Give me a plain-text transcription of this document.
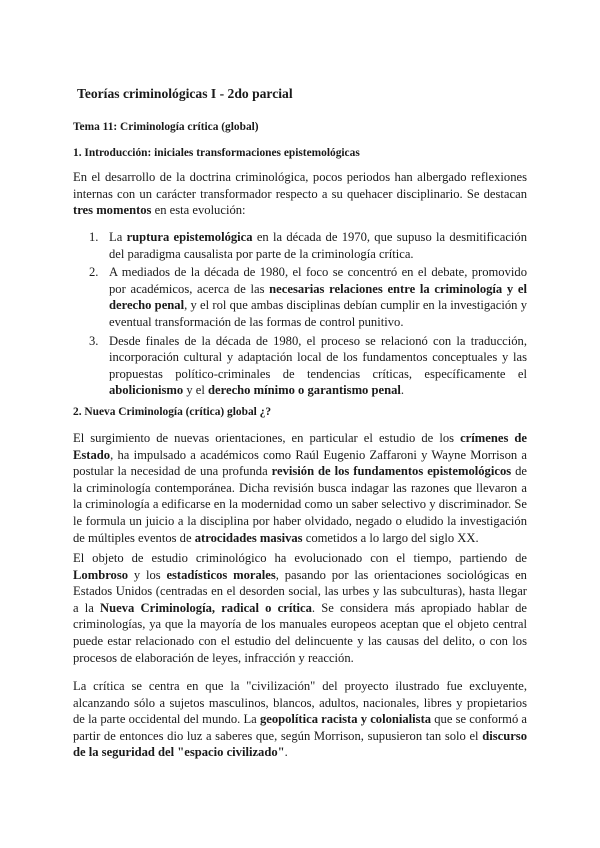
Teorías criminológicas I - 2do parcial
Tema 11: Criminología crítica (global)
1. Introducción: iniciales transformaciones epistemológicas

En el desarrollo de la doctrina criminológica, pocos periodos han albergado reflexiones internas con un carácter transformador respecto a su quehacer disciplinario. Se destacan tres momentos en esta evolución:

1. La ruptura epistemológica en la década de 1970, que supuso la desmitificación del paradigma causalista por parte de la criminología crítica.
2. A mediados de la década de 1980, el foco se concentró en el debate, promovido por académicos, acerca de las necesarias relaciones entre la criminología y el derecho penal, y el rol que ambas disciplinas debían cumplir en la investigación y eventual transformación de las formas de control punitivo.
3. Desde finales de la década de 1980, el proceso se relacionó con la traducción, incorporación cultural y adaptación local de los fundamentos conceptuales y las propuestas político-criminales de tendencias críticas, específicamente el abolicionismo y el derecho mínimo o garantismo penal.
2. Nueva Criminología (crítica) global ¿?

El surgimiento de nuevas orientaciones, en particular el estudio de los crímenes de Estado, ha impulsado a académicos como Raúl Eugenio Zaffaroni y Wayne Morrison a postular la necesidad de una profunda revisión de los fundamentos epistemológicos de la criminología contemporánea. Dicha revisión busca indagar las razones que llevaron a la criminología a edificarse en la modernidad como un saber selectivo y discriminador. Se le formula un juicio a la disciplina por haber olvidado, negado o eludido la investigación de múltiples eventos de atrocidades masivas cometidos a lo largo del siglo XX.

El objeto de estudio criminológico ha evolucionado con el tiempo, partiendo de Lombroso y los estadísticos morales, pasando por las orientaciones sociológicas en Estados Unidos (centradas en el desorden social, las urbes y las subculturas), hasta llegar a la Nueva Criminología, radical o crítica. Se considera más apropiado hablar de criminologías, ya que la mayoría de los manuales europeos aceptan que el objeto central puede estar relacionado con el estudio del delincuente y las causas del delito, o con los procesos de elaboración de leyes, infracción y reacción.

La crítica se centra en que la "civilización" del proyecto ilustrado fue excluyente, alcanzando sólo a sujetos masculinos, blancos, adultos, nacionales, libres y propietarios de la parte occidental del mundo. La geopolítica racista y colonialista que se conformó a partir de entonces dio luz a saberes que, según Morrison, supusieron tan solo el discurso de la seguridad del "espacio civilizado".
